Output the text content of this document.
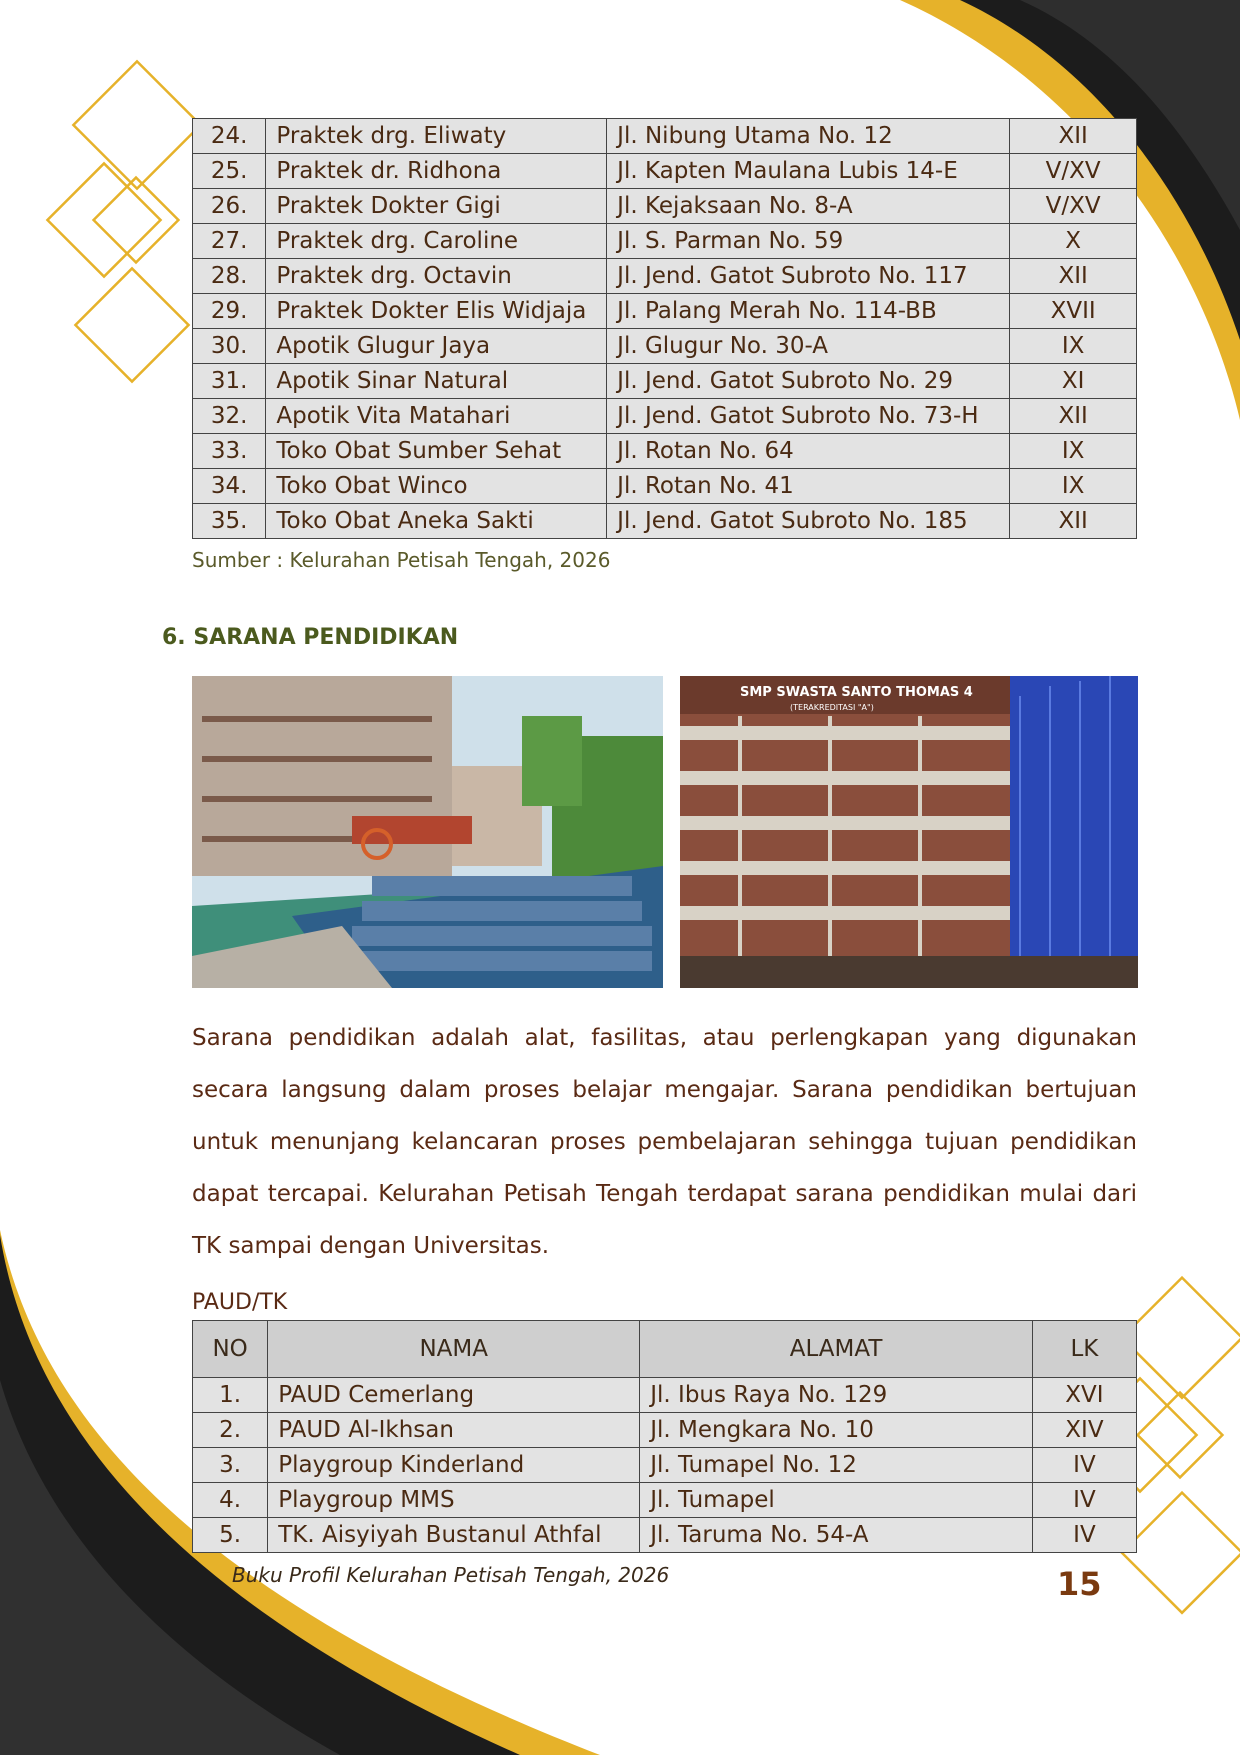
24.	Praktek drg. Eliwaty	Jl. Nibung Utama No. 12	XII
25.	Praktek dr. Ridhona	Jl. Kapten Maulana Lubis 14-E	V/XV
26.	Praktek Dokter Gigi	Jl. Kejaksaan No. 8-A	V/XV
27.	Praktek drg. Caroline	Jl. S. Parman No. 59	X
28.	Praktek drg. Octavin	Jl. Jend. Gatot Subroto No. 117	XII
29.	Praktek Dokter Elis Widjaja	Jl. Palang Merah No. 114-BB	XVII
30.	Apotik Glugur Jaya	Jl. Glugur No. 30-A	IX
31.	Apotik Sinar Natural	Jl. Jend. Gatot Subroto No. 29	XI
32.	Apotik Vita Matahari	Jl. Jend. Gatot Subroto No. 73-H	XII
33.	Toko Obat Sumber Sehat	Jl. Rotan No. 64	IX
34.	Toko Obat Winco	Jl. Rotan No. 41	IX
35.	Toko Obat Aneka Sakti	Jl. Jend. Gatot Subroto No. 185	XII
Sumber : Kelurahan Petisah Tengah, 2026
6. SARANA PENDIDIKAN
SMP SWASTA SANTO THOMAS 4
(TERAKREDITASI "A")
Sarana pendidikan adalah alat, fasilitas, atau perlengkapan yang digunakan secara langsung dalam proses belajar mengajar. Sarana pendidikan bertujuan untuk menunjang kelancaran proses pembelajaran sehingga tujuan pendidikan dapat tercapai. Kelurahan Petisah Tengah terdapat sarana pendidikan mulai dari TK sampai dengan Universitas.
PAUD/TK
NO	NAMA	ALAMAT	LK
1.	PAUD Cemerlang	Jl. Ibus Raya No. 129	XVI
2.	PAUD Al-Ikhsan	Jl. Mengkara No. 10	XIV
3.	Playgroup Kinderland	Jl. Tumapel No. 12	IV
4.	Playgroup MMS	Jl. Tumapel	IV
5.	TK. Aisyiyah Bustanul Athfal	Jl. Taruma No. 54-A	IV
Buku Profil Kelurahan Petisah Tengah, 2026	15
